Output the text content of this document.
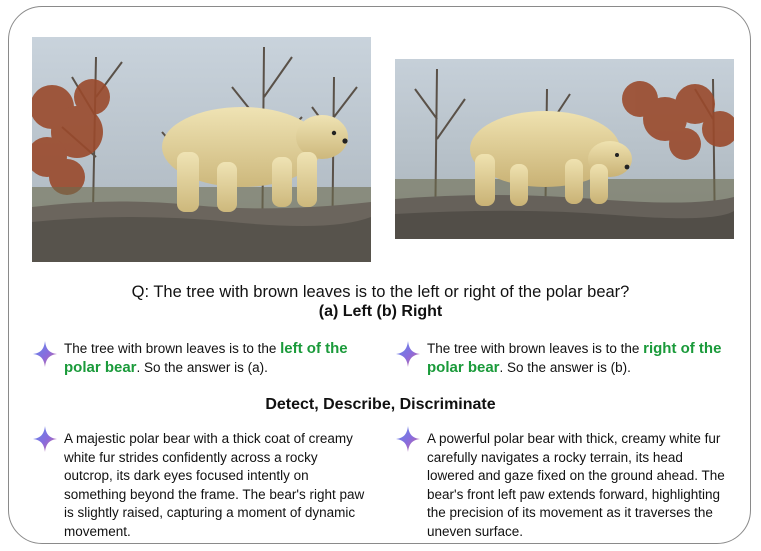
Q: The tree with brown leaves is to the left or right of the polar bear?
(a) Left (b) Right
The tree with brown leaves is to the left of the polar bear. So the answer is (a).
The tree with brown leaves is to the right of the polar bear. So the answer is (b).
Detect, Describe, Discriminate
A majestic polar bear with a thick coat of creamy white fur strides confidently across a rocky outcrop, its dark eyes focused intently on something beyond the frame. The bear's right paw is slightly raised, capturing a moment of dynamic movement.
A powerful polar bear with thick, creamy white fur carefully navigates a rocky terrain, its head lowered and gaze fixed on the ground ahead. The bear's front left paw extends forward, highlighting the precision of its movement as it traverses the uneven surface.
